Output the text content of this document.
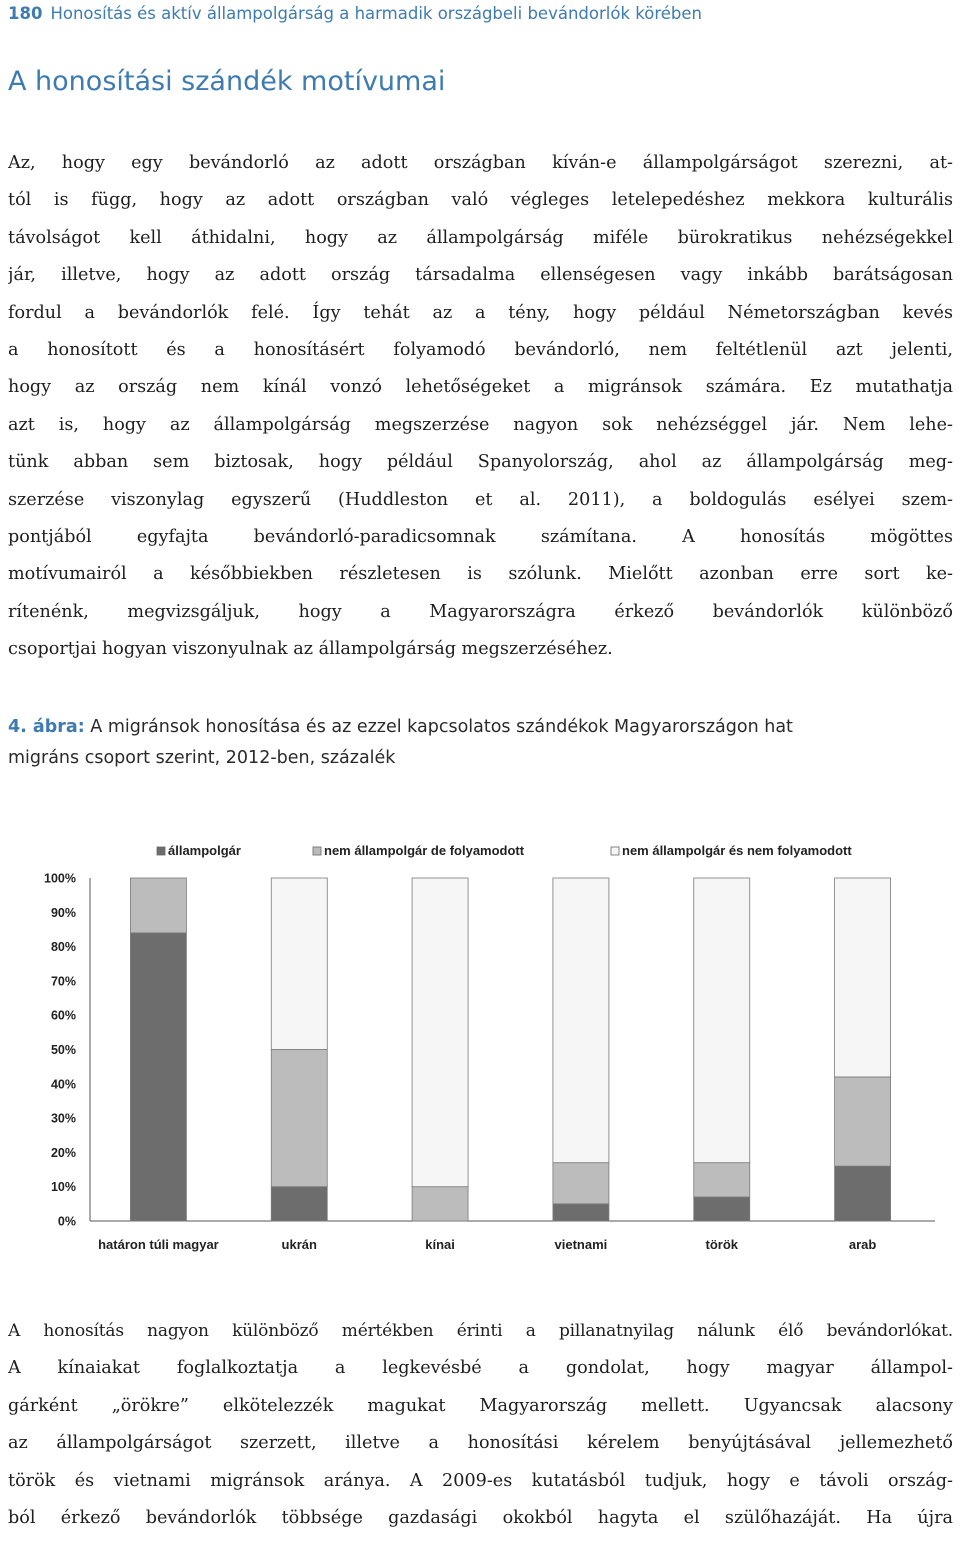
180 Honosítás és aktív állampolgárság a harmadik országbeli bevándorlók körében
A honosítási szándék motívumai
Az, hogy egy bevándorló az adott országban kíván-e állampolgárságot szerezni, at-
tól is függ, hogy az adott országban való végleges letelepedéshez mekkora kulturális
távolságot kell áthidalni, hogy az állampolgárság miféle bürokratikus nehézségekkel
jár, illetve, hogy az adott ország társadalma ellenségesen vagy inkább barátságosan
fordul a bevándorlók felé. Így tehát az a tény, hogy például Németországban kevés
a honosított és a honosításért folyamodó bevándorló, nem feltétlenül azt jelenti,
hogy az ország nem kínál vonzó lehetőségeket a migránsok számára. Ez mutathatja
azt is, hogy az állampolgárság megszerzése nagyon sok nehézséggel jár. Nem lehe-
tünk abban sem biztosak, hogy például Spanyolország, ahol az állampolgárság meg-
szerzése viszonylag egyszerű (Huddleston et al. 2011), a boldogulás esélyei szem-
pontjából egyfajta bevándorló-paradicsomnak számítana. A honosítás mögöttes
motívumairól a későbbiekben részletesen is szólunk. Mielőtt azonban erre sort ke-
rítenénk, megvizsgáljuk, hogy a Magyarországra érkező bevándorlók különböző
csoportjai hogyan viszonyulnak az állampolgárság megszerzéséhez.
4. ábra: A migránsok honosítása és az ezzel kapcsolatos szándékok Magyarországon hat
migráns csoport szerint, 2012-ben, százalék
0%
10%
20%
30%
40%
50%
60%
70%
80%
90%
100%
határon túli magyar	ukrán	kínai	vietnami	török	arab
állampolgár	nem állampolgár de folyamodott	nem állampolgár és nem folyamodott
A honosítás nagyon különböző mértékben érinti a pillanatnyilag nálunk élő bevándorlókat.
A kínaiakat foglalkoztatja a legkevésbé a gondolat, hogy magyar állampol-
gárként „örökre” elkötelezzék magukat Magyarország mellett. Ugyancsak alacsony
az állampolgárságot szerzett, illetve a honosítási kérelem benyújtásával jellemezhető
török és vietnami migránsok aránya. A 2009-es kutatásból tudjuk, hogy e távoli ország-
ból érkező bevándorlók többsége gazdasági okokból hagyta el szülőhazáját. Ha újra
